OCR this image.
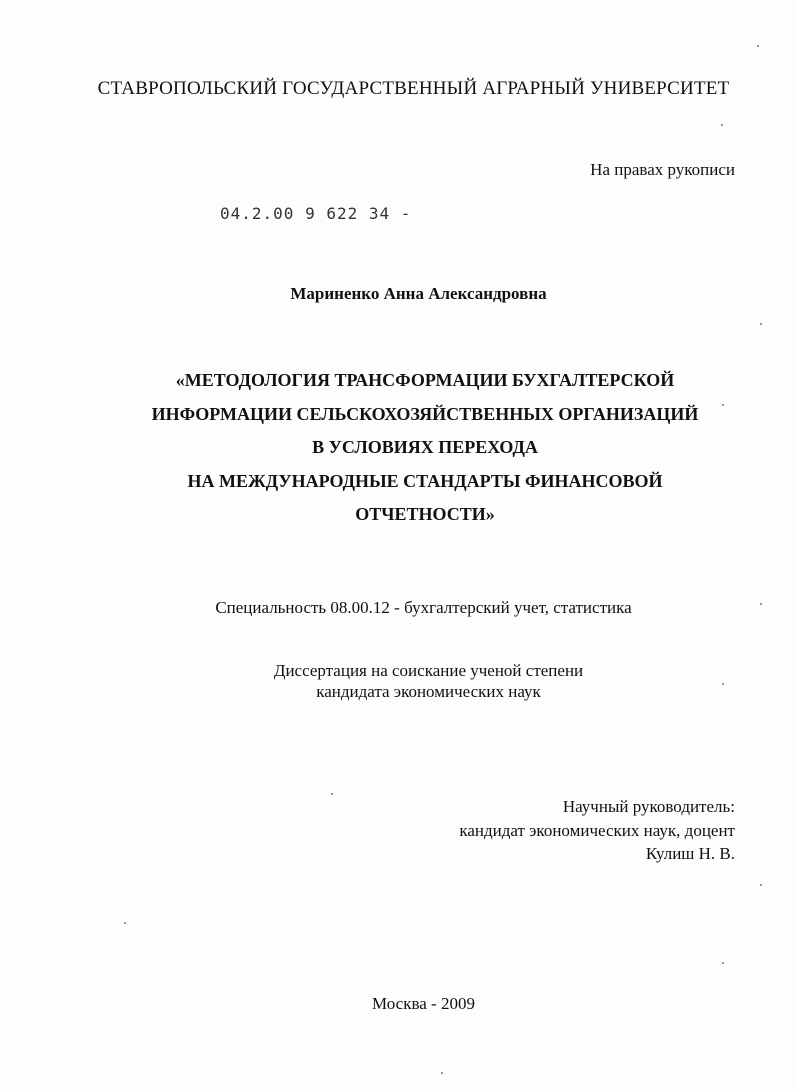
СТАВРОПОЛЬСКИЙ ГОСУДАРСТВЕННЫЙ АГРАРНЫЙ УНИВЕРСИТЕТ
На правах рукописи
04.2.00 9 622 34 -
Мариненко Анна Александровна
«МЕТОДОЛОГИЯ ТРАНСФОРМАЦИИ БУХГАЛТЕРСКОЙ
ИНФОРМАЦИИ СЕЛЬСКОХОЗЯЙСТВЕННЫХ ОРГАНИЗАЦИЙ
В УСЛОВИЯХ ПЕРЕХОДА
НА МЕЖДУНАРОДНЫЕ СТАНДАРТЫ ФИНАНСОВОЙ
ОТЧЕТНОСТИ»
Специальность 08.00.12 - бухгалтерский учет, статистика
Диссертация на соискание ученой степени
кандидата экономических наук
Научный руководитель:
кандидат экономических наук, доцент
Кулиш Н. В.
Москва - 2009
